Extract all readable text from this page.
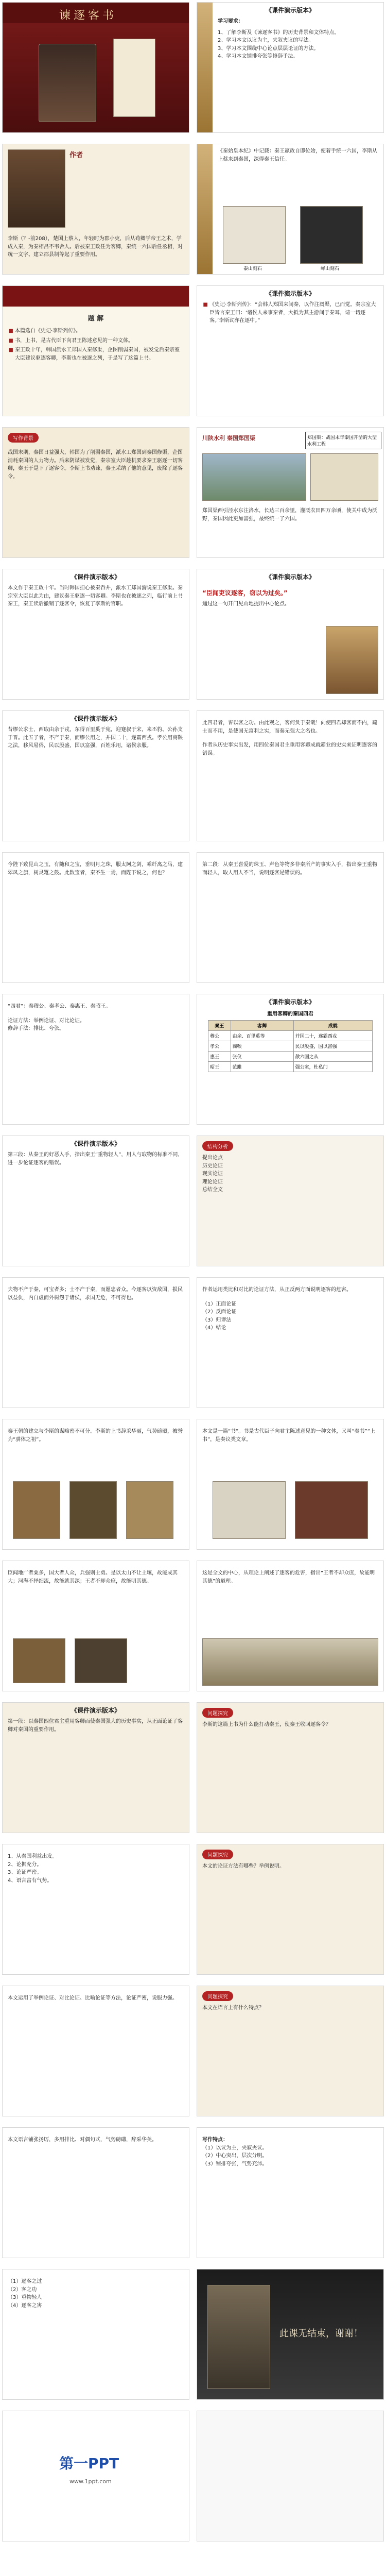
谏逐客书	《课件演示版本》
学习要求：
1、了解李斯及《谏逐客书》的历史背景和文体特点。
2、学习本文以议为主，夹叙夹议的写法。
3、学习本文围绕中心论点层层论证的方法。
4、学习本文铺排夸张等修辞手法。
作者
李斯（？-前208），楚国上蔡人，年轻时为郡小吏，后从荀卿学帝王之术，学成入秦，为秦相吕不韦舍人。后被秦王政任为客卿，秦统一六国后任丞相，对统一文字、建立郡县制等起了重要作用。
《秦始皇本纪》中记载：秦王嬴政自即位始，便着手统一六国，李斯从上蔡来到秦国，深得秦王信任。
泰山刻石	峄山刻石
题 解
• 本篇选自《史记·李斯列传》。
• 书，上书，是古代臣下向君王陈述意见的一种文体。
• 秦王政十年，韩国派水工郑国入秦修渠，企图削弱秦国，被发觉后秦宗室大臣建议驱逐客卿，李斯也在被逐之列，于是写了这篇上书。
《课件演示版本》
• 《史记·李斯列传》：“会韩人郑国来间秦，以作注溉渠，已而觉。秦宗室大臣皆言秦王曰：‘诸侯人来事秦者，大抵为其主游间于秦耳，请一切逐客。’李斯议亦在逐中。”
写作背景
战国末期，秦国日益强大，韩国为了削弱秦国，派水工郑国到秦国修渠，企图消耗秦国的人力物力。后来阴谋被发觉，秦宗室大臣趁机要求秦王驱逐一切客卿，秦王于是下了逐客令。李斯上书劝谏，秦王采纳了他的意见，废除了逐客令。
川陕水利 秦国郑国渠	郑国渠：战国末年秦国开凿的大型水利工程
郑国渠西引泾水东注洛水，长达三百余里，灌溉农田四万余顷，使关中成为沃野，秦国因此更加富强，最终统一了六国。
《课件演示版本》
本文作于秦王政十年。当时韩国担心被秦吞并，派水工郑国游说秦王修渠。秦宗室大臣以此为由，建议秦王驱逐一切客卿。李斯也在被逐之列，临行前上书秦王，秦王读后撤销了逐客令，恢复了李斯的官职。
《课件演示版本》
“臣闻吏议逐客，窃以为过矣。”
通过这一句开门见山地提出中心论点。
《课件演示版本》
昔缪公求士，西取由余于戎，东得百里奚于宛，迎蹇叔于宋，来丕豹、公孙支于晋。此五子者，不产于秦，而缪公用之，并国二十，遂霸西戎。孝公用商鞅之法，移风易俗，民以殷盛，国以富强，百姓乐用，诸侯亲服。
此四君者，皆以客之功。由此观之，客何负于秦哉！向使四君却客而不内，疏士而不用，是使国无富利之实，而秦无强大之名也。
作者从历史事实出发，用四位秦国君主重用客卿成就霸业的史实来证明逐客的错误。
今陛下致昆山之玉，有随和之宝，垂明月之珠，服太阿之剑，乘纤离之马，建翠凤之旗，树灵鼍之鼓。此数宝者，秦不生一焉，而陛下说之，何也？
第二段：从秦王喜爱的珠玉、声色等物多非秦所产的事实入手，指出秦王重物而轻人，取人用人不当，说明逐客是错误的。
“四君”：秦穆公、秦孝公、秦惠王、秦昭王。
论证方法：举例论证、对比论证。
修辞手法：排比、夸张。
《课件演示版本》
重用客卿的秦国四君
秦王	客卿	成就
穆公	由余、百里奚等	并国二十，遂霸西戎
孝公	商鞅	民以殷盛，国以富强
惠王	张仪	散六国之从
昭王	范雎	强公室，杜私门
《课件演示版本》
第三段：从秦王的好恶入手，指出秦王“重物轻人”，用人与取物的标准不同，进一步论证逐客的错误。
结构分析
提出论点
历史论证
现实论证
理论论证
总结全文
夫物不产于秦，可宝者多；士不产于秦，而愿忠者众。今逐客以资敌国，损民以益仇，内自虚而外树怨于诸侯，求国无危，不可得也。
作者运用类比和对比的论证方法，从正反两方面说明逐客的危害。
（1）正面论证
（2）反面论证
（3）归谬法
（4）结论
秦王朝的建立与李斯的谋略密不可分。李斯的上书辞采华丽，气势磅礴，被誉为“骈体之祖”。
本文是一篇“书”。书是古代臣子向君主陈述意见的一种文体，又叫“奏书”“上书”，是奏议类文章。
臣闻地广者粟多，国大者人众，兵强则士勇。是以太山不让土壤，故能成其大；河海不择细流，故能就其深；王者不却众庶，故能明其德。
这是全文的中心，从理论上阐述了逐客的危害，指出“王者不却众庶，故能明其德”的道理。
《课件演示版本》
第一段：以秦国四位君主重用客卿而使秦国强大的历史事实，从正面论证了客卿对秦国的重要作用。
问题探究
李斯的这篇上书为什么能打动秦王，使秦王收回逐客令？
1、从秦国利益出发。
2、论据充分。
3、论证严密。
4、语言富有气势。
问题探究
本文的论证方法有哪些？举例说明。
本文运用了举例论证、对比论证、比喻论证等方法，论证严密，说服力强。	问题探究
本文在语言上有什么特点？
本文语言铺张扬厉，多用排比、对偶句式，气势磅礴，辞采华美。	写作特点：
（1）以议为主，夹叙夹议。
（2）中心突出，层次分明。
（3）铺排夸张，气势充沛。
（1）逐客之过
（2）客之功
（3）重物轻人
（4）逐客之害
此课无结束，谢谢！
第一PPT
www.1ppt.com
